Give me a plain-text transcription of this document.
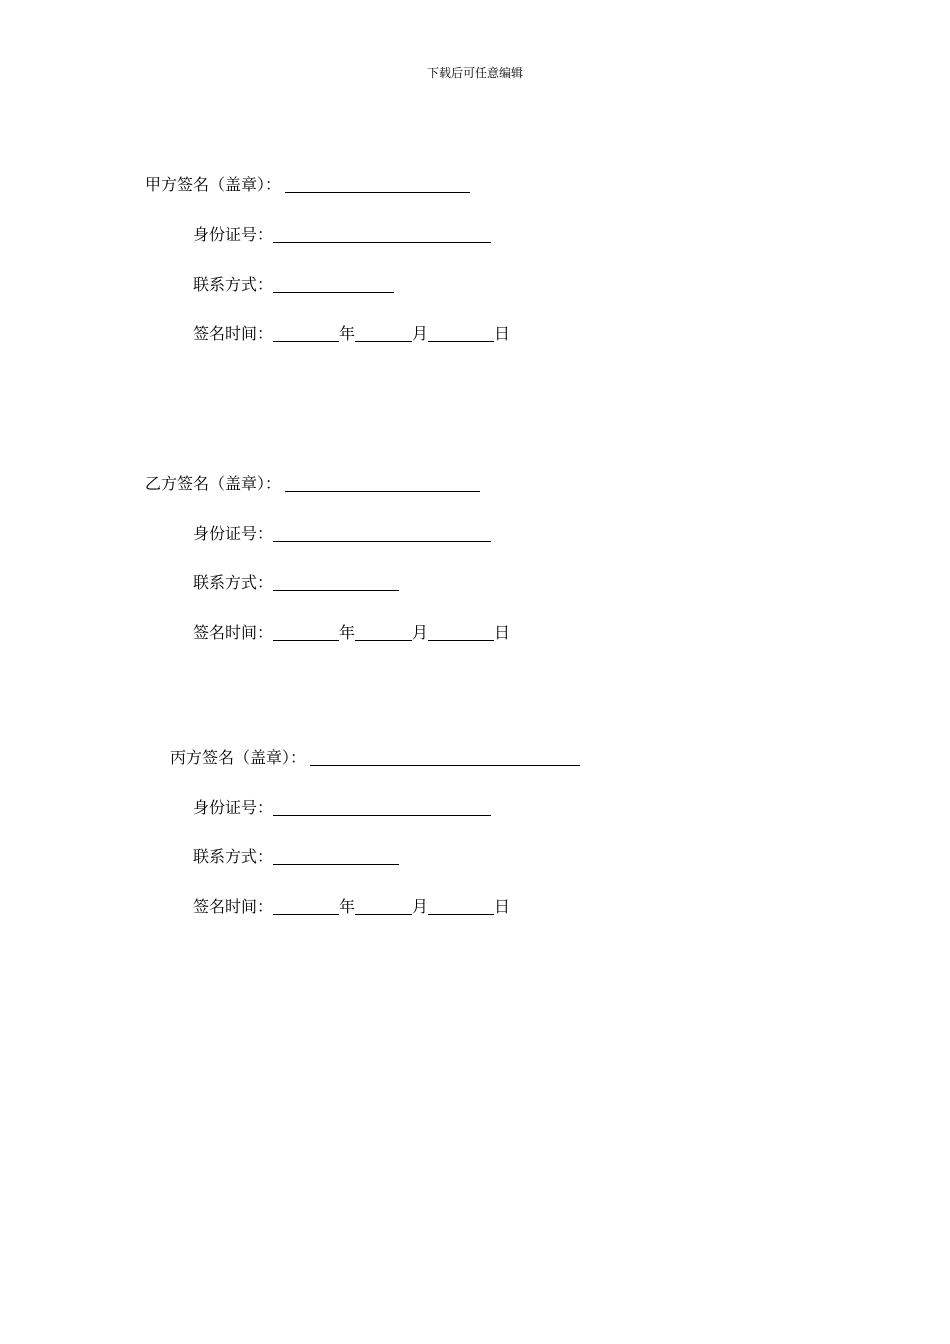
下载后可任意编辑
甲方签名（盖章）：
身份证号：
联系方式：
签名时间：	年	月	日
乙方签名（盖章）：
身份证号：
联系方式：
签名时间：	年	月	日
丙方签名（盖章）：
身份证号：
联系方式：
签名时间：	年	月	日
